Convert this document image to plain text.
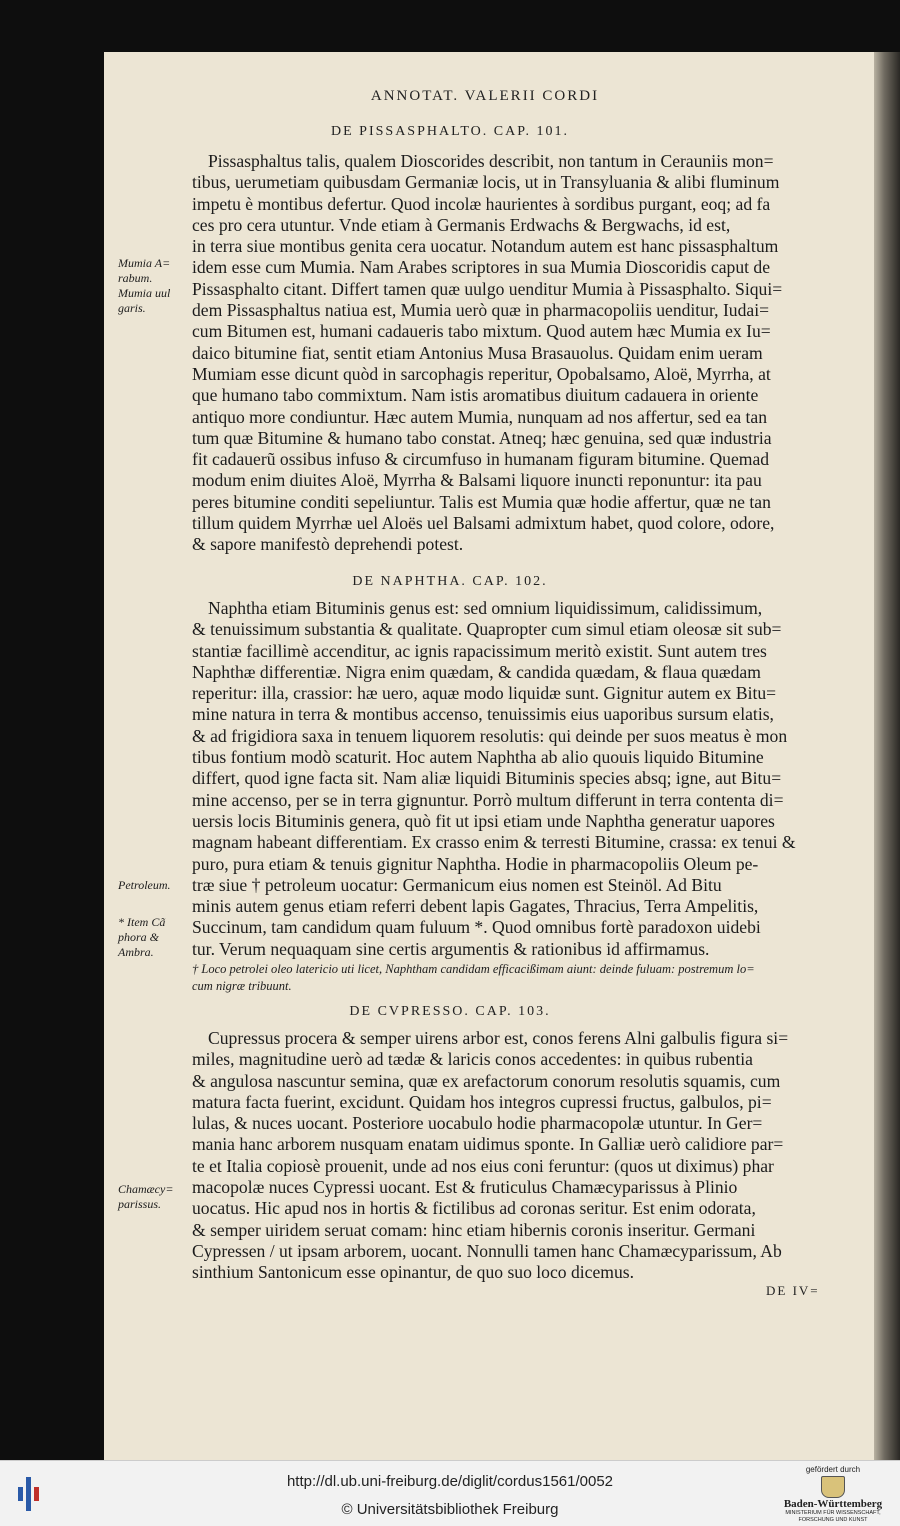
ANNOTAT. VALERII CORDI
DE PISSASPHALTO. CAP. 101.
Pissasphaltus talis, qualem Dioscorides describit, non tantum in Cerauniis mon=
tibus, uerumetiam quibusdam Germaniæ locis, ut in Transyluania & alibi fluminum
impetu è montibus defertur. Quod incolæ haurientes à sordibus purgant, eoq; ad fa
ces pro cera utuntur. Vnde etiam à Germanis Erdwachs & Bergwachs, id est,
in terra siue montibus genita cera uocatur. Notandum autem est hanc pissasphaltum
idem esse cum Mumia. Nam Arabes scriptores in sua Mumia Dioscoridis caput de
Pissasphalto citant. Differt tamen quæ uulgo uenditur Mumia à Pissasphalto. Siqui=
dem Pissasphaltus natiua est, Mumia uerò quæ in pharmacopoliis uenditur, Iudai=
cum Bitumen est, humani cadaueris tabo mixtum. Quod autem hæc Mumia ex Iu=
daico bitumine fiat, sentit etiam Antonius Musa Brasauolus. Quidam enim ueram
Mumiam esse dicunt quòd in sarcophagis reperitur, Opobalsamo, Aloë, Myrrha, at
que humano tabo commixtum. Nam istis aromatibus diuitum cadauera in oriente
antiquo more condiuntur. Hæc autem Mumia, nunquam ad nos affertur, sed ea tan
tum quæ Bitumine & humano tabo constat. Atneq; hæc genuina, sed quæ industria
fit cadauerũ ossibus infuso & circumfuso in humanam figuram bitumine. Quemad
modum enim diuites Aloë, Myrrha & Balsami liquore inuncti reponuntur: ita pau
peres bitumine conditi sepeliuntur. Talis est Mumia quæ hodie affertur, quæ ne tan
tillum quidem Myrrhæ uel Aloës uel Balsami admixtum habet, quod colore, odore,
& sapore manifestò deprehendi potest.
Mumia A=
rabum.
Mumia uul
garis.
DE NAPHTHA. CAP. 102.
Naphtha etiam Bituminis genus est: sed omnium liquidissimum, calidissimum,
& tenuissimum substantia & qualitate. Quapropter cum simul etiam oleosæ sit sub=
stantiæ facillimè accenditur, ac ignis rapacissimum meritò existit. Sunt autem tres
Naphthæ differentiæ. Nigra enim quædam, & candida quædam, & flaua quædam
reperitur: illa, crassior: hæ uero, aquæ modo liquidæ sunt. Gignitur autem ex Bitu=
mine natura in terra & montibus accenso, tenuissimis eius uaporibus sursum elatis,
& ad frigidiora saxa in tenuem liquorem resolutis: qui deinde per suos meatus è mon
tibus fontium modò scaturit. Hoc autem Naphtha ab alio quouis liquido Bitumine
differt, quod igne facta sit. Nam aliæ liquidi Bituminis species absq; igne, aut Bitu=
mine accenso, per se in terra gignuntur. Porrò multum differunt in terra contenta di=
uersis locis Bituminis genera, quò fit ut ipsi etiam unde Naphtha generatur uapores
magnam habeant differentiam. Ex crasso enim & terresti Bitumine, crassa: ex tenui &
puro, pura etiam & tenuis gignitur Naphtha. Hodie in pharmacopoliis Oleum pe-
træ siue † petroleum uocatur: Germanicum eius nomen est Steinöl. Ad Bitu
minis autem genus etiam referri debent lapis Gagates, Thracius, Terra Ampelitis,
Succinum, tam candidum quam fuluum *. Quod omnibus fortè paradoxon uidebi
tur. Verum nequaquam sine certis argumentis & rationibus id affirmamus.
Petroleum.
* Item Cã
phora &
Ambra.
† Loco petrolei oleo latericio uti licet, Naphtham candidam efficacißimam aiunt: deinde fuluam: postremum lo=
cum nigræ tribuunt.
DE CVPRESSO. CAP. 103.
Cupressus procera & semper uirens arbor est, conos ferens Alni galbulis figura si=
miles, magnitudine uerò ad tædæ & laricis conos accedentes: in quibus rubentia
& angulosa nascuntur semina, quæ ex arefactorum conorum resolutis squamis, cum
matura facta fuerint, excidunt. Quidam hos integros cupressi fructus, galbulos, pi=
lulas, & nuces uocant. Posteriore uocabulo hodie pharmacopolæ utuntur. In Ger=
mania hanc arborem nusquam enatam uidimus sponte. In Galliæ uerò calidiore par=
te et Italia copiosè prouenit, unde ad nos eius coni feruntur: (quos ut diximus) phar
macopolæ nuces Cypressi uocant. Est & fruticulus Chamæcyparissus à Plinio
uocatus. Hic apud nos in hortis & fictilibus ad coronas seritur. Est enim odorata,
& semper uiridem seruat comam: hinc etiam hibernis coronis inseritur. Germani
Cypressen / ut ipsam arborem, uocant. Nonnulli tamen hanc Chamæcyparissum, Ab
sinthium Santonicum esse opinantur, de quo suo loco dicemus.
Chamæcy=
parissus.
DE IV=
http://dl.ub.uni-freiburg.de/diglit/cordus1561/0052
© Universitätsbibliothek Freiburg
gefördert durch
Baden-Württemberg
MINISTERIUM FÜR WISSENSCHAFT, FORSCHUNG UND KUNST
